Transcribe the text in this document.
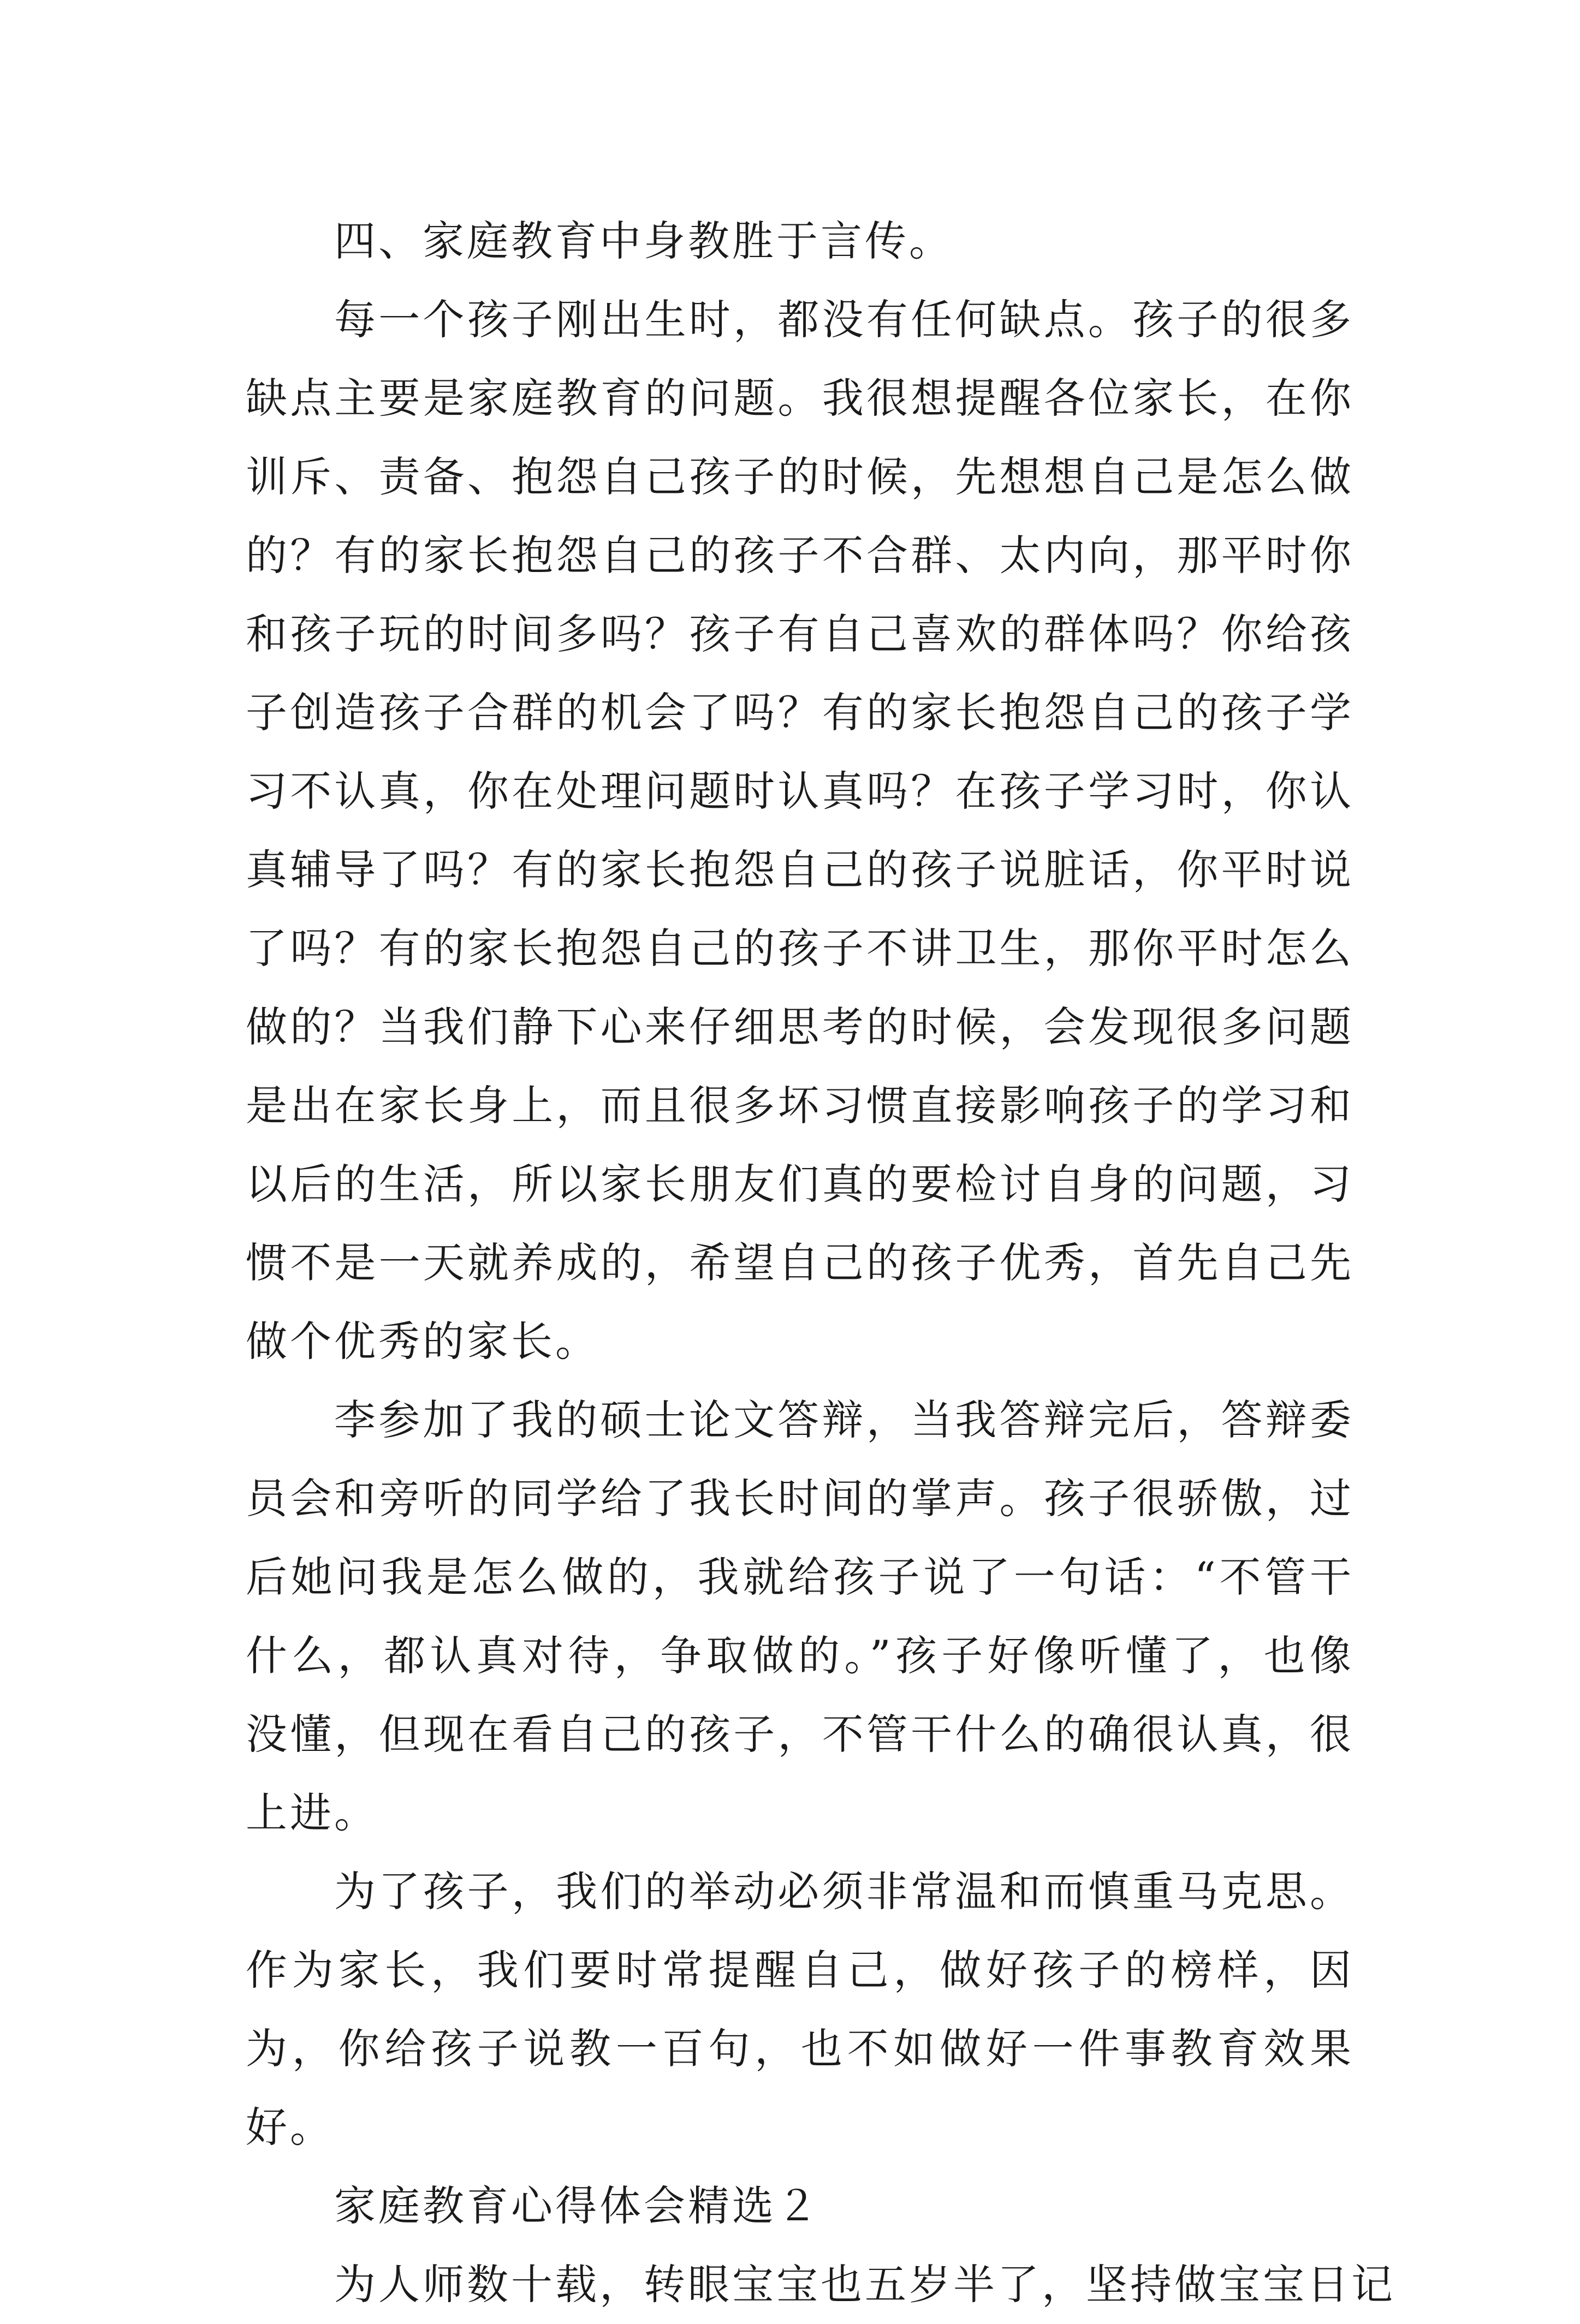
四、家庭教育中身教胜于言传。

每一个孩子刚出生时，都没有任何缺点。孩子的很多缺点主要是家庭教育的问题。我很想提醒各位家长，在你训斥、责备、抱怨自己孩子的时候，先想想自己是怎么做的？有的家长抱怨自己的孩子不合群、太内向，那平时你和孩子玩的时间多吗？孩子有自己喜欢的群体吗？你给孩子创造孩子合群的机会了吗？有的家长抱怨自己的孩子学习不认真，你在处理问题时认真吗？在孩子学习时，你认真辅导了吗？有的家长抱怨自己的孩子说脏话，你平时说了吗？有的家长抱怨自己的孩子不讲卫生，那你平时怎么做的？当我们静下心来仔细思考的时候，会发现很多问题是出在家长身上，而且很多坏习惯直接影响孩子的学习和以后的生活，所以家长朋友们真的要检讨自身的问题，习惯不是一天就养成的，希望自己的孩子优秀，首先自己先做个优秀的家长。

李参加了我的硕士论文答辩，当我答辩完后，答辩委员会和旁听的同学给了我长时间的掌声。孩子很骄傲，过后她问我是怎么做的，我就给孩子说了一句话：“不管干什么，都认真对待，争取做的。”孩子好像听懂了，也像没懂，但现在看自己的孩子，不管干什么的确很认真，很上进。

为了孩子，我们的举动必须非常温和而慎重马克思。作为家长，我们要时常提醒自己，做好孩子的榜样，因为，你给孩子说教一百句，也不如做好一件事教育效果好。

家庭教育心得体会精选２

为人师数十载，转眼宝宝也五岁半了，坚持做宝宝日记
